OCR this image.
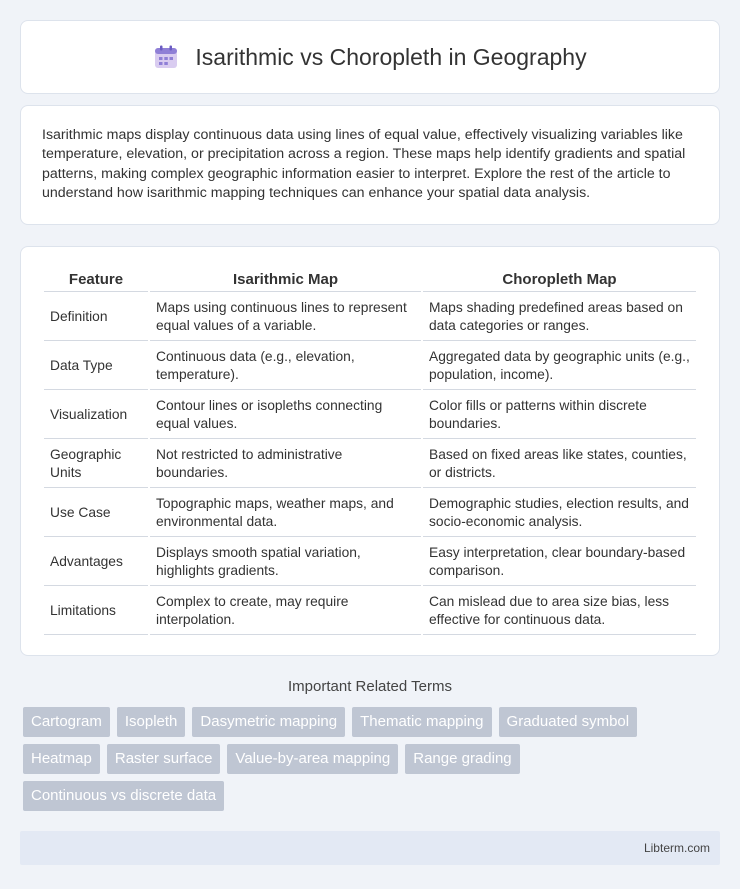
Isarithmic vs Choropleth in Geography

Isarithmic maps display continuous data using lines of equal value, effectively visualizing variables like temperature, elevation, or precipitation across a region. These maps help identify gradients and spatial patterns, making complex geographic information easier to interpret. Explore the rest of the article to understand how isarithmic mapping techniques can enhance your spatial data analysis.

Feature	Isarithmic Map	Choropleth Map
Definition	Maps using continuous lines to represent equal values of a variable.	Maps shading predefined areas based on data categories or ranges.
Data Type	Continuous data (e.g., elevation, temperature).	Aggregated data by geographic units (e.g., population, income).
Visualization	Contour lines or isopleths connecting equal values.	Color fills or patterns within discrete boundaries.
Geographic Units	Not restricted to administrative boundaries.	Based on fixed areas like states, counties, or districts.
Use Case	Topographic maps, weather maps, and environmental data.	Demographic studies, election results, and socio-economic analysis.
Advantages	Displays smooth spatial variation, highlights gradients.	Easy interpretation, clear boundary-based comparison.
Limitations	Complex to create, may require interpolation.	Can mislead due to area size bias, less effective for continuous data.
Important Related Terms
Cartogram	Isopleth	Dasymetric mapping	Thematic mapping	Graduated symbol
Heatmap	Raster surface	Value-by-area mapping	Range grading
Continuous vs discrete data
Libterm.com
